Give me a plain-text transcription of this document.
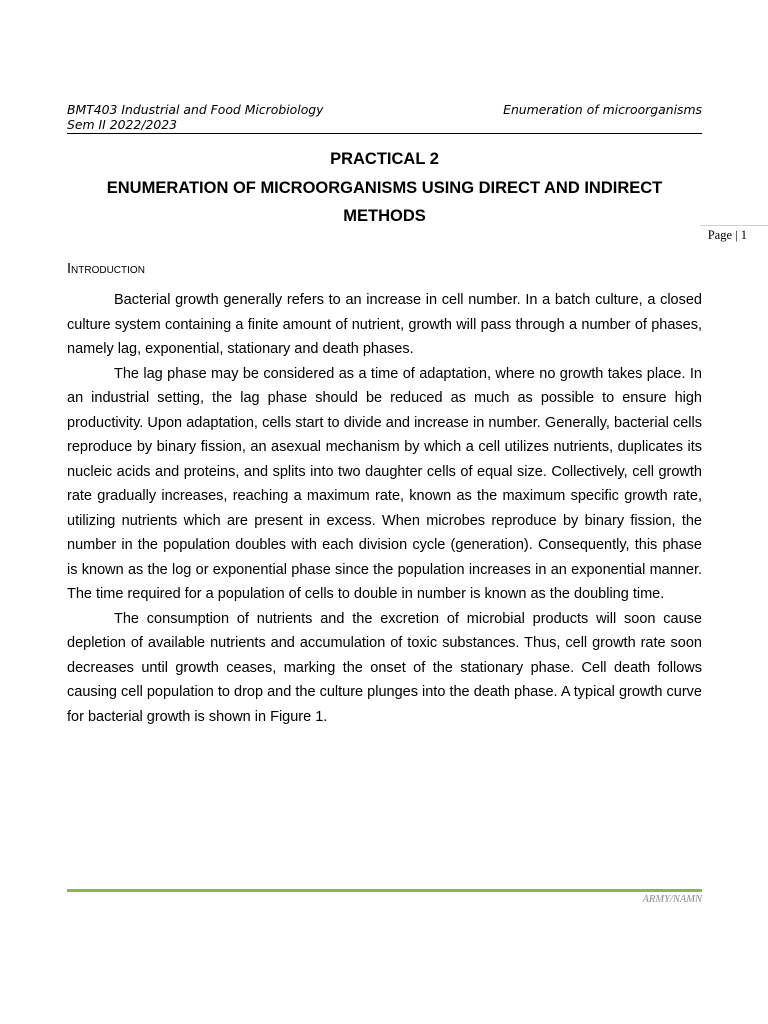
BMT403 Industrial and Food Microbiology	Enumeration of microorganisms
Sem II 2022/2023
PRACTICAL 2
ENUMERATION OF MICROORGANISMS USING DIRECT AND INDIRECT METHODS
Page | 1
Introduction

Bacterial growth generally refers to an increase in cell number. In a batch culture, a closed culture system containing a finite amount of nutrient, growth will pass through a number of phases, namely lag, exponential, stationary and death phases.

The lag phase may be considered as a time of adaptation, where no growth takes place. In an industrial setting, the lag phase should be reduced as much as possible to ensure high productivity. Upon adaptation, cells start to divide and increase in number. Generally, bacterial cells reproduce by binary fission, an asexual mechanism by which a cell utilizes nutrients, duplicates its nucleic acids and proteins, and splits into two daughter cells of equal size. Collectively, cell growth rate gradually increases, reaching a maximum rate, known as the maximum specific growth rate, utilizing nutrients which are present in excess. When microbes reproduce by binary fission, the number in the population doubles with each division cycle (generation). Consequently, this phase is known as the log or exponential phase since the population increases in an exponential manner. The time required for a population of cells to double in number is known as the doubling time.

The consumption of nutrients and the excretion of microbial products will soon cause depletion of available nutrients and accumulation of toxic substances. Thus, cell growth rate soon decreases until growth ceases, marking the onset of the stationary phase. Cell death follows causing cell population to drop and the culture plunges into the death phase. A typical growth curve for bacterial growth is shown in Figure 1.

ARMY/NAMN
